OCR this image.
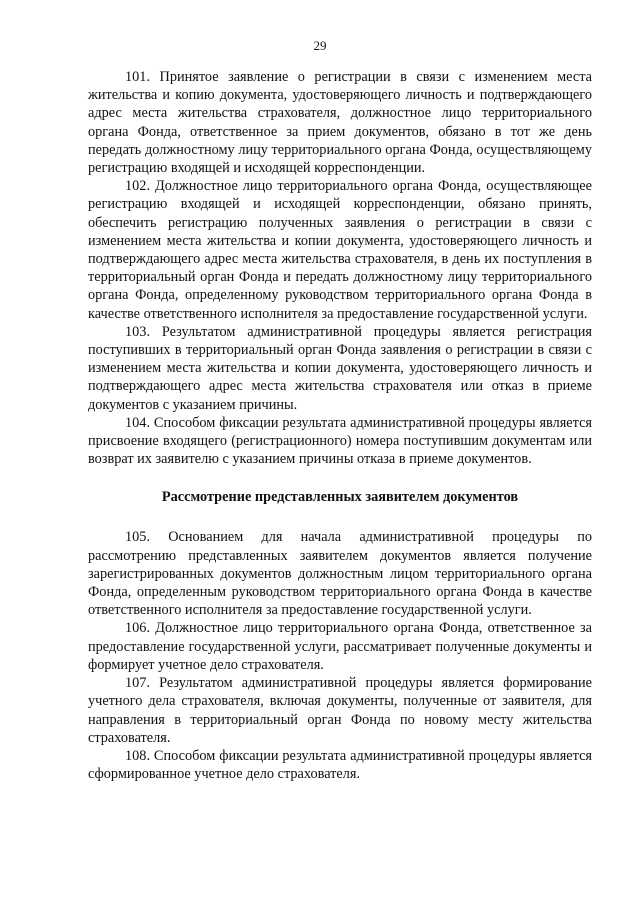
29

101. Принятое заявление о регистрации в связи с изменением места жительства и копию документа, удостоверяющего личность и подтверждающего адрес места жительства страхователя, должностное лицо территориального органа Фонда, ответственное за прием документов, обязано в тот же день передать должностному лицу территориального органа Фонда, осуществляющему регистрацию входящей и исходящей корреспонденции.

102. Должностное лицо территориального органа Фонда, осуществляющее регистрацию входящей и исходящей корреспонденции, обязано принять, обеспечить регистрацию полученных заявления о регистрации в связи с изменением места жительства и копии документа, удостоверяющего личность и подтверждающего адрес места жительства страхователя, в день их поступления в территориальный орган Фонда и передать должностному лицу территориального органа Фонда, определенному руководством территориального органа Фонда в качестве ответственного исполнителя за предоставление государственной услуги.

103. Результатом административной процедуры является регистрация поступивших в территориальный орган Фонда заявления о регистрации в связи с изменением места жительства и копии документа, удостоверяющего личность и подтверждающего адрес места жительства страхователя или отказ в приеме документов с указанием причины.

104. Способом фиксации результата административной процедуры является присвоение входящего (регистрационного) номера поступившим документам или возврат их заявителю с указанием причины отказа в приеме документов.

Рассмотрение представленных заявителем документов

105. Основанием для начала административной процедуры по рассмотрению представленных заявителем документов является получение зарегистрированных документов должностным лицом территориального органа Фонда, определенным руководством территориального органа Фонда в качестве ответственного исполнителя за предоставление государственной услуги.

106. Должностное лицо территориального органа Фонда, ответственное за предоставление государственной услуги, рассматривает полученные документы и формирует учетное дело страхователя.

107. Результатом административной процедуры является формирование учетного дела страхователя, включая документы, полученные от заявителя, для направления в территориальный орган Фонда по новому месту жительства страхователя.

108. Способом фиксации результата административной процедуры является сформированное учетное дело страхователя.
